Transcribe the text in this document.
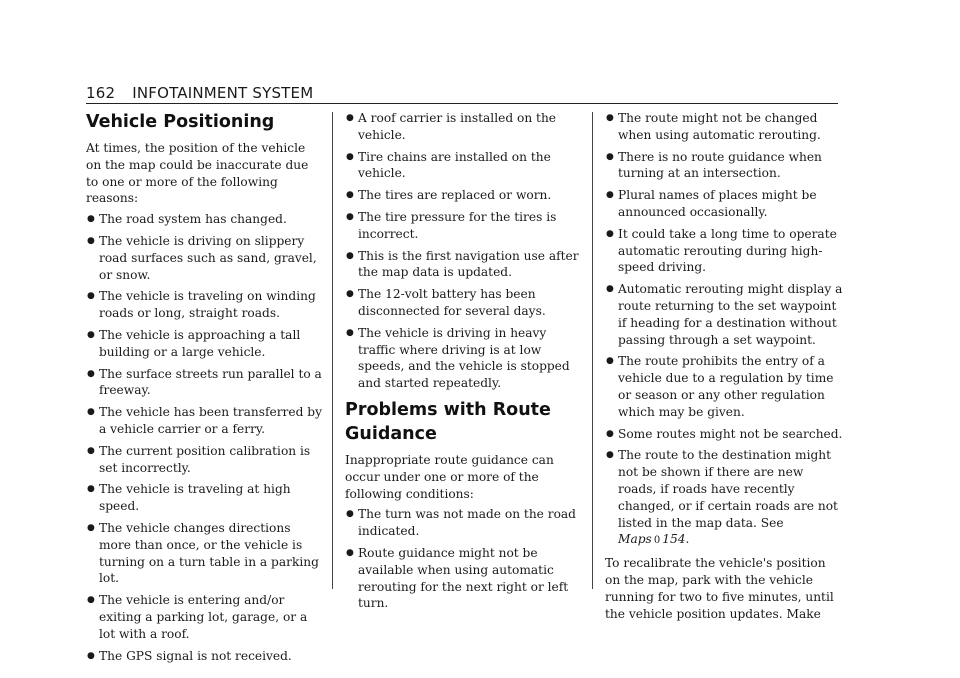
162 INFOTAINMENT SYSTEM
Vehicle Positioning

At times, the position of the vehicle on the map could be inaccurate due to one or more of the following reasons:

● The road system has changed.
● The vehicle is driving on slippery road surfaces such as sand, gravel, or snow.
● The vehicle is traveling on winding roads or long, straight roads.
● The vehicle is approaching a tall building or a large vehicle.
● The surface streets run parallel to a freeway.
● The vehicle has been transferred by a vehicle carrier or a ferry.
● The current position calibration is set incorrectly.
● The vehicle is traveling at high speed.
● The vehicle changes directions more than once, or the vehicle is turning on a turn table in a parking lot.
● The vehicle is entering and/or exiting a parking lot, garage, or a lot with a roof.
● The GPS signal is not received.
● A roof carrier is installed on the vehicle.
● Tire chains are installed on the vehicle.
● The tires are replaced or worn.
● The tire pressure for the tires is incorrect.
● This is the first navigation use after the map data is updated.
● The 12-volt battery has been disconnected for several days.
● The vehicle is driving in heavy traffic where driving is at low speeds, and the vehicle is stopped and started repeatedly.
Problems with Route
Guidance

Inappropriate route guidance can occur under one or more of the following conditions:

● The turn was not made on the road indicated.
● Route guidance might not be available when using automatic rerouting for the next right or left turn.
● The route might not be changed when using automatic rerouting.
● There is no route guidance when turning at an intersection.
● Plural names of places might be announced occasionally.
● It could take a long time to operate automatic rerouting during high-speed driving.
● Automatic rerouting might display a route returning to the set waypoint if heading for a destination without passing through a set waypoint.
● The route prohibits the entry of a vehicle due to a regulation by time or season or any other regulation which may be given.
● Some routes might not be searched.
● The route to the destination might not be shown if there are new roads, if roads have recently changed, or if certain roads are not listed in the map data. See Maps 0 154.

To recalibrate the vehicle's position on the map, park with the vehicle running for two to five minutes, until the vehicle position updates. Make
